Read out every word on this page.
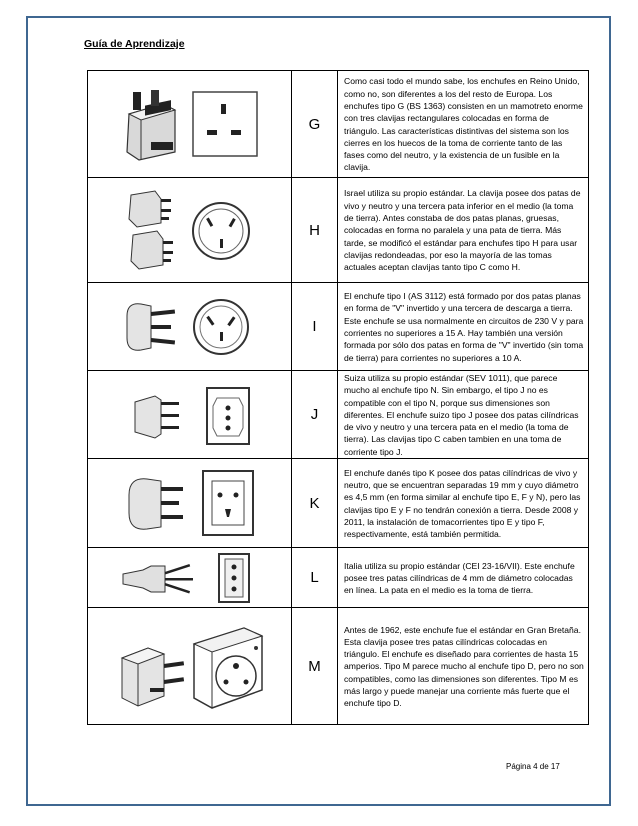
Guía de Aprendizaje
	G	Como casi todo el mundo sabe, los enchufes en Reino Unido, como no, son diferentes a los del resto de Europa. Los enchufes tipo G (BS 1363) consisten en un mamotreto enorme con tres clavijas rectangulares colocadas en forma de triángulo. Las características distintivas del sistema son los cierres en los huecos de la toma de corriente tanto de las fases como del neutro, y la existencia de un fusible en la clavija.

	H	Israel utiliza su propio estándar. La clavija posee dos patas de vivo y neutro y una tercera pata inferior en el medio (la toma de tierra). Antes constaba de dos patas planas, gruesas, colocadas en forma no paralela y una pata de tierra. Más tarde, se modificó el estándar para enchufes tipo H para usar clavijas redondeadas, por eso la mayoría de las tomas actuales aceptan clavijas tanto tipo C como H.

	I	El enchufe tipo I (AS 3112) está formado por dos patas planas en forma de "V" invertido y una tercera de descarga a tierra. Este enchufe se usa normalmente en circuitos de 230 V y para corrientes no superiores a 15 A. Hay también una versión formada por sólo dos patas en forma de "V" invertido (sin toma de tierra) para corrientes no superiores a 10 A.

	J	Suiza utiliza su propio estándar (SEV 1011), que parece mucho al enchufe tipo N. Sin embargo, el tipo J no es compatible con el tipo N, porque sus dimensiones son diferentes. El enchufe suizo tipo J posee dos patas cilíndricas de vivo y neutro y una tercera pata en el medio (la toma de tierra). Las clavijas tipo C caben tambien en una toma de corriente tipo J.

	K	El enchufe danés tipo K posee dos patas cilíndricas de vivo y neutro, que se encuentran separadas 19 mm y cuyo diámetro es 4,5 mm (en forma similar al enchufe tipo E, F y N), pero las clavijas tipo E y F no tendrán conexión a tierra. Desde 2008 y 2011, la instalación de tomacorrientes tipo E y tipo F, respectivamente, está también permitida.

	L	Italia utiliza su propio estándar (CEI 23-16/VII). Este enchufe posee tres patas cilíndricas de 4 mm de diámetro colocadas en línea. La pata en el medio es la toma de tierra.

	M	Antes de 1962, este enchufe fue el estándar en Gran Bretaña. Esta clavija posee tres patas cilíndricas colocadas en triángulo. El enchufe es diseñado para corrientes de hasta 15 amperios. Tipo M parece mucho al enchufe tipo D, pero no son compatibles, como las dimensiones son diferentes. Tipo M es más largo y puede manejar una corriente más fuerte que el enchufe tipo D.
Página 4 de 17
